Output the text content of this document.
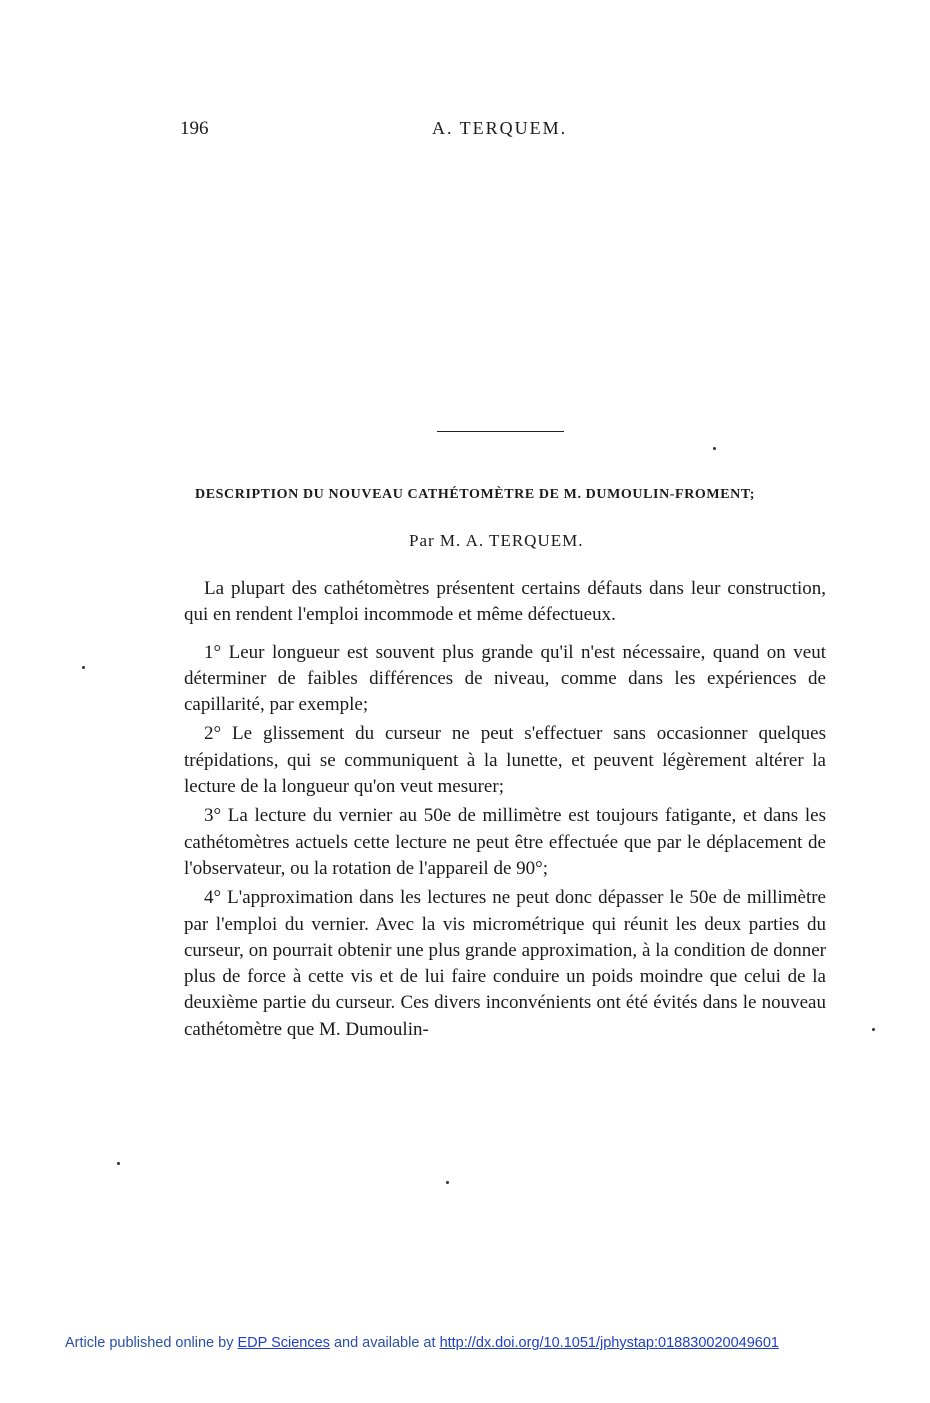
196	A. TERQUEM.
DESCRIPTION DU NOUVEAU CATHÉTOMÈTRE DE M. DUMOULIN-FROMENT;
Par M. A. TERQUEM.

La plupart des cathétomètres présentent certains défauts dans leur construction, qui en rendent l'emploi incommode et même défectueux.

1° Leur longueur est souvent plus grande qu'il n'est nécessaire, quand on veut déterminer de faibles différences de niveau, comme dans les expériences de capillarité, par exemple;

2° Le glissement du curseur ne peut s'effectuer sans occasionner quelques trépidations, qui se communiquent à la lunette, et peuvent légèrement altérer la lecture de la longueur qu'on veut mesurer;

3° La lecture du vernier au 50e de millimètre est toujours fatigante, et dans les cathétomètres actuels cette lecture ne peut être effectuée que par le déplacement de l'observateur, ou la rotation de l'appareil de 90°;

4° L'approximation dans les lectures ne peut donc dépasser le 50e de millimètre par l'emploi du vernier. Avec la vis micrométrique qui réunit les deux parties du curseur, on pourrait obtenir une plus grande approximation, à la condition de donner plus de force à cette vis et de lui faire conduire un poids moindre que celui de la deuxième partie du curseur. Ces divers inconvénients ont été évités dans le nouveau cathétomètre que M. Dumoulin-

Article published online by EDP Sciences and available at http://dx.doi.org/10.1051/jphystap:018830020049601
